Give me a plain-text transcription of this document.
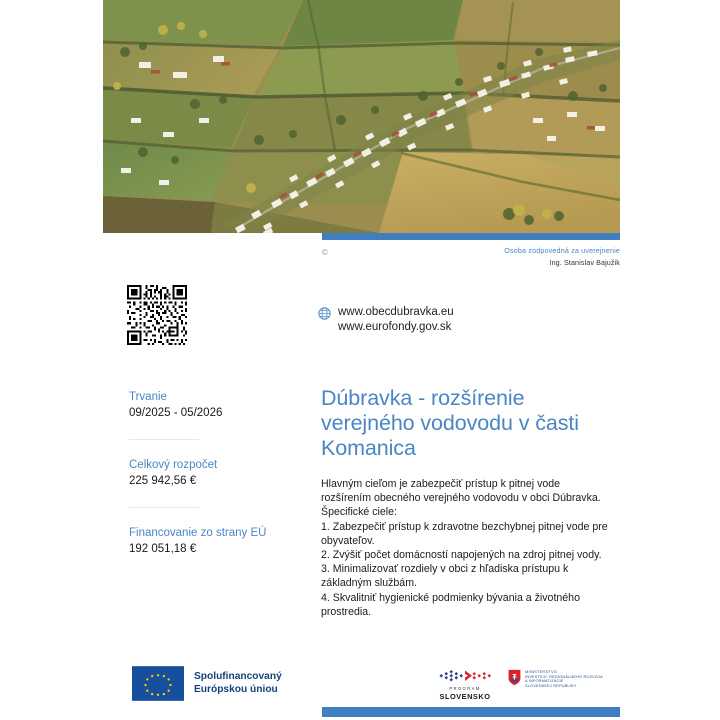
©	Osoba zodpovedná za uverejnenie
Ing. Stanislav Bajužik
www.obecdubravka.eu
www.eurofondy.gov.sk
Trvanie
09/2025 - 05/2026
Celkový rozpočet
225 942,56 €
Financovanie zo strany EÚ
192 051,18 €
Dúbravka - rozšírenie verejného vodovodu v časti Komanica
Hlavným cieľom je zabezpečiť prístup k pitnej vode rozšírením obecného verejného vodovodu v obci Dúbravka.
Špecifické ciele:
1. Zabezpečiť prístup k zdravotne bezchybnej pitnej vode pre obyvateľov.
2. Zvýšiť počet domácností napojených na zdroj pitnej vody.
3. Minimalizovať rozdiely v obci z hľadiska prístupu k základným službám.
4. Skvalitniť hygienické podmienky bývania a životného prostredia.
Spolufinancovaný
Európskou úniou	PROGRAM
SLOVENSKO
MINISTERSTVO
INVESTÍCIÍ, REGIONÁLNEHO ROZVOJA
A INFORMATIZÁCIE
SLOVENSKEJ REPUBLIKY
